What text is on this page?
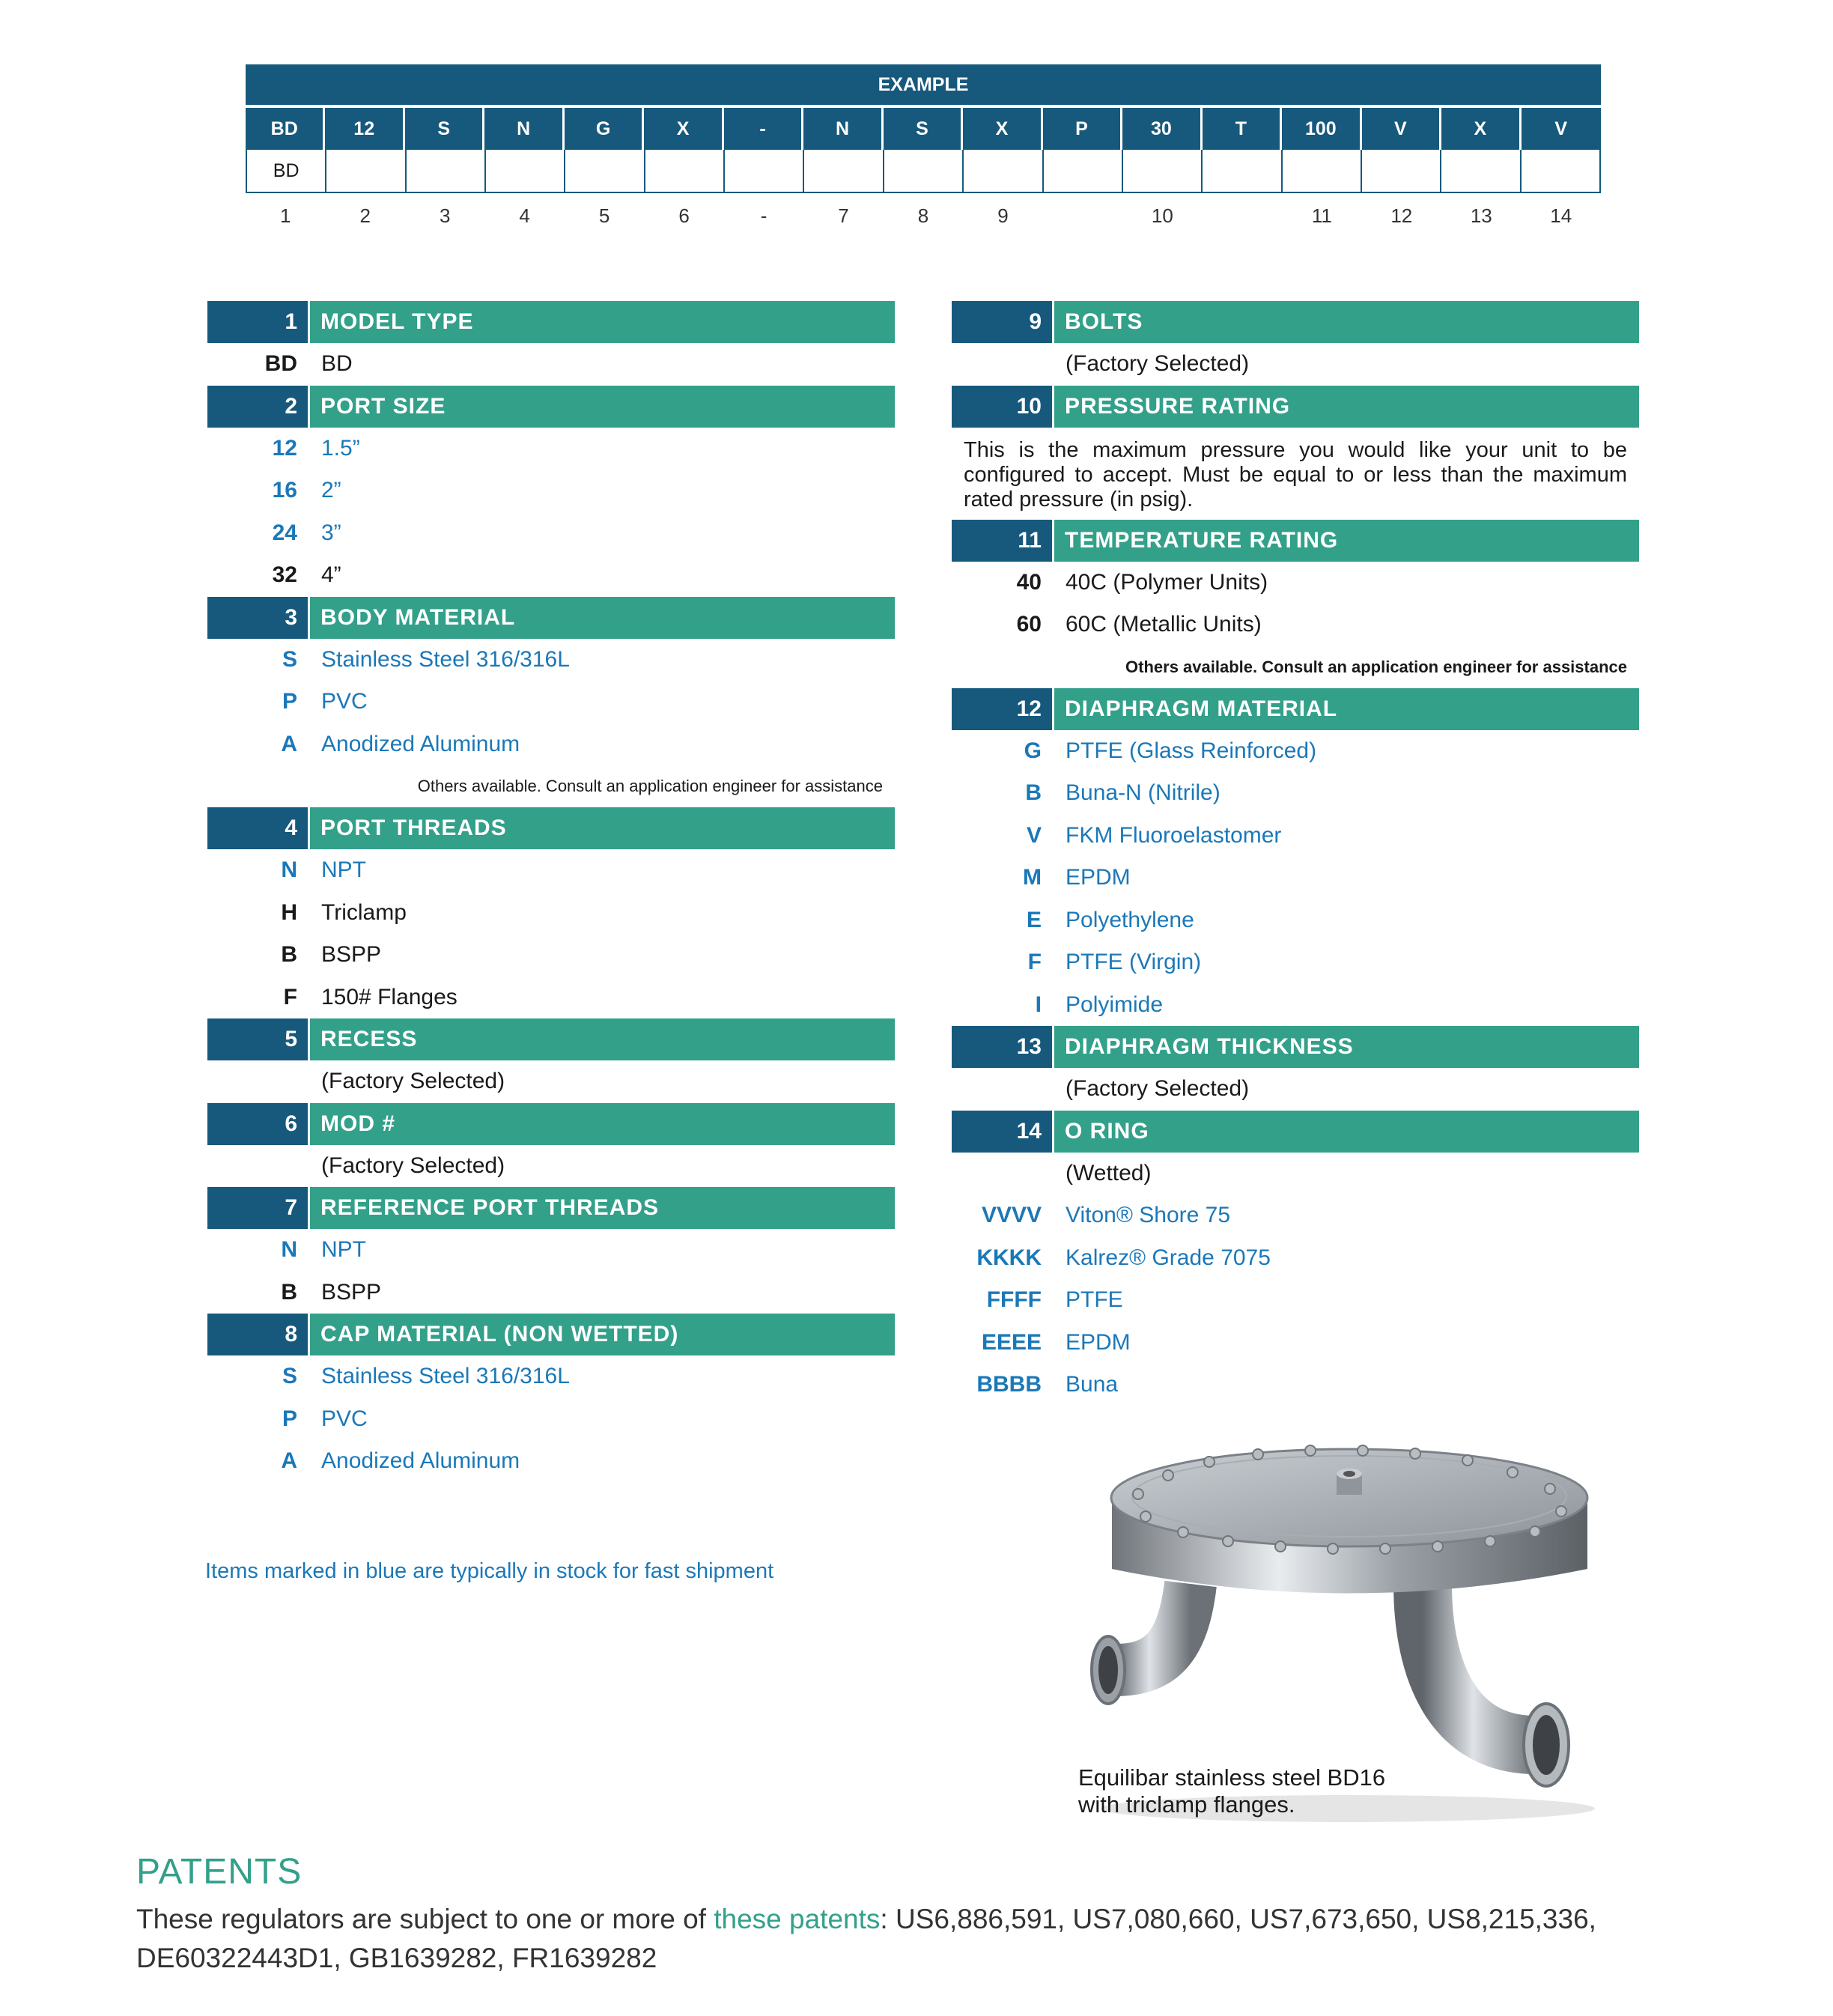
EXAMPLE
BD	12	S	N	G	X	-	N	S	X	P	30	T	100	V	X	V
BD
1	2	3	4	5	6	-	7	8	9	10	11	12	13	14
1	MODEL TYPE
BD	BD
2	PORT SIZE
12	1.5”
16	2”
24	3”
32	4”
3	BODY MATERIAL
S	Stainless Steel 316/316L
P	PVC
A	Anodized Aluminum
Others available. Consult an application engineer for assistance
4	PORT THREADS
N	NPT
H	Triclamp
B	BSPP
F	150# Flanges
5	RECESS
(Factory Selected)
6	MOD #
(Factory Selected)
7	REFERENCE PORT THREADS
N	NPT
B	BSPP
8	CAP MATERIAL (NON WETTED)
S	Stainless Steel 316/316L
P	PVC
A	Anodized Aluminum
9	BOLTS
(Factory Selected)
10	PRESSURE RATING
This is the maximum pressure you would like your unit to be configured to accept. Must be equal to or less than the maximum rated pressure (in psig).
11	TEMPERATURE RATING
40	40C (Polymer Units)
60	60C (Metallic Units)
Others available. Consult an application engineer for assistance
12	DIAPHRAGM MATERIAL
G	PTFE (Glass Reinforced)
B	Buna-N (Nitrile)
V	FKM Fluoroelastomer
M	EPDM
E	Polyethylene
F	PTFE (Virgin)
I	Polyimide
13	DIAPHRAGM THICKNESS
(Factory Selected)
14	O RING
(Wetted)
VVVV	Viton® Shore 75
KKKK	Kalrez® Grade 7075
FFFF	PTFE
EEEE	EPDM
BBBB	Buna
Items marked in blue are typically in stock for fast shipment
Equilibar stainless steel BD16
with triclamp flanges.
PATENTS
These regulators are subject to one or more of these patents: US6,886,591, US7,080,660, US7,673,650, US8,215,336, DE60322443D1, GB1639282, FR1639282
